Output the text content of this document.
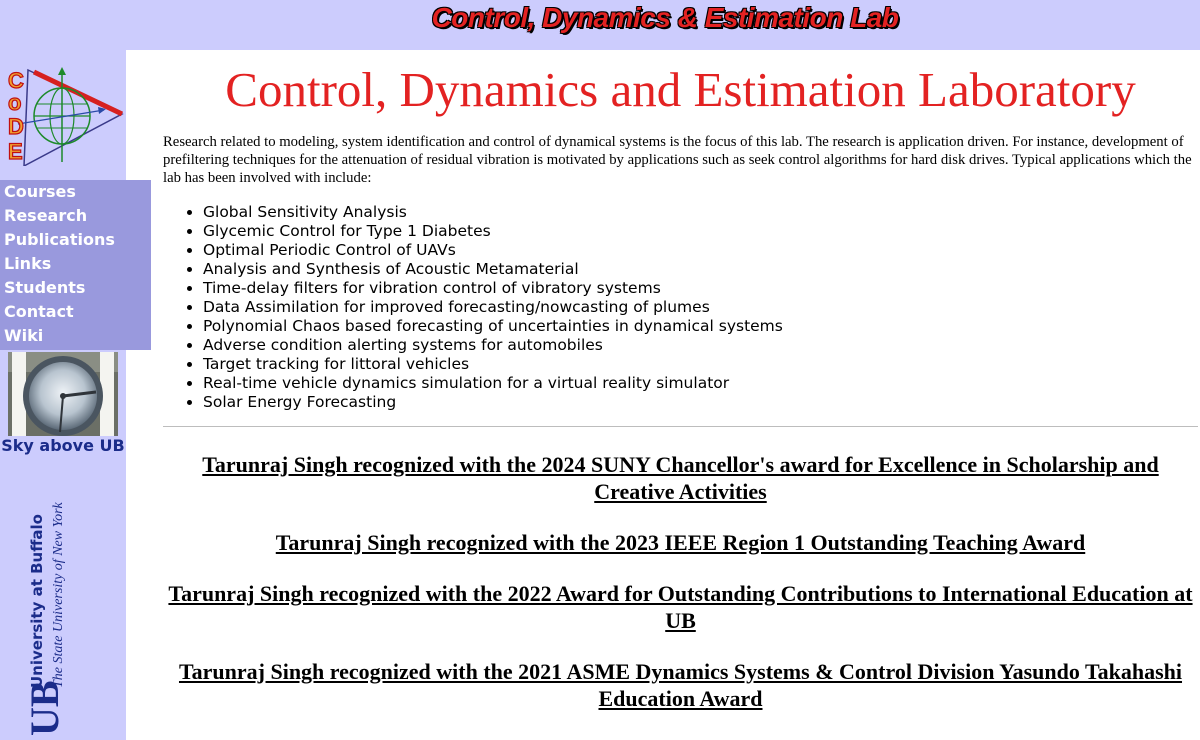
Control, Dynamics & Estimation Lab
C
o
D
E
Courses
Research
Publications
Links
Students
Contact
Wiki
Sky above UB
University at Buffalo The State University of New York
UB
Control, Dynamics and Estimation Laboratory

Research related to modeling, system identification and control of dynamical systems is the focus of this lab. The research is application driven. For instance, development of prefiltering techniques for the attenuation of residual vibration is motivated by applications such as seek control algorithms for hard disk drives. Typical applications which the lab has been involved with include:

• Global Sensitivity Analysis
• Glycemic Control for Type 1 Diabetes
• Optimal Periodic Control of UAVs
• Analysis and Synthesis of Acoustic Metamaterial
• Time-delay filters for vibration control of vibratory systems
• Data Assimilation for improved forecasting/nowcasting of plumes
• Polynomial Chaos based forecasting of uncertainties in dynamical systems
• Adverse condition alerting systems for automobiles
• Target tracking for littoral vehicles
• Real-time vehicle dynamics simulation for a virtual reality simulator
• Solar Energy Forecasting
Tarunraj Singh recognized with the 2024 SUNY Chancellor's award for Excellence in Scholarship and Creative Activities
Tarunraj Singh recognized with the 2023 IEEE Region 1 Outstanding Teaching Award
Tarunraj Singh recognized with the 2022 Award for Outstanding Contributions to International Education at UB
Tarunraj Singh recognized with the 2021 ASME Dynamics Systems & Control Division Yasundo Takahashi Education Award
